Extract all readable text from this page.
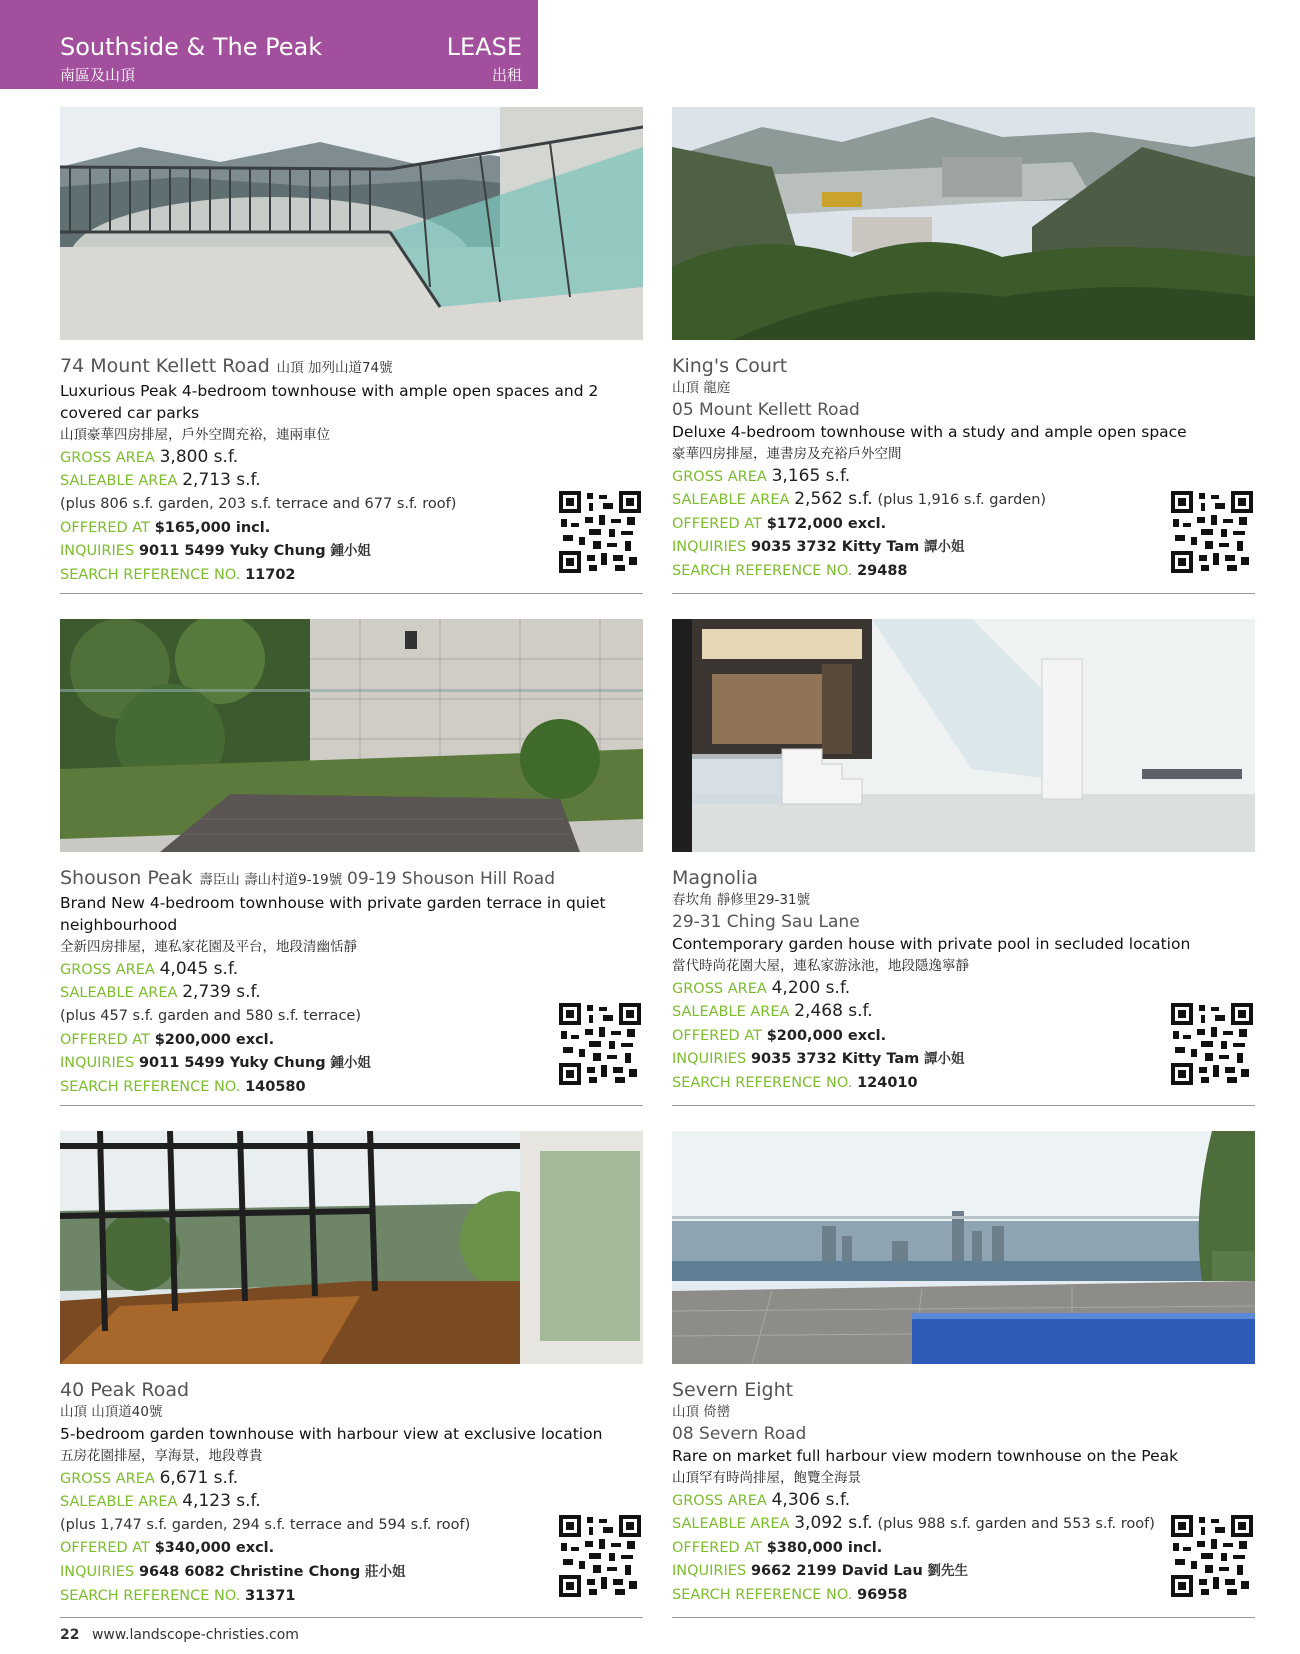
Southside & The Peak
南區及山頂
LEASE
出租
74 Mount Kellett Road 山頂 加列山道74號
Luxurious Peak 4-bedroom townhouse with ample open spaces and 2 covered car parks
山頂豪華四房排屋，戶外空間充裕，連兩車位
GROSS AREA 3,800 s.f.
SALEABLE AREA 2,713 s.f.
(plus 806 s.f. garden, 203 s.f. terrace and 677 s.f. roof)
OFFERED AT $165,000 incl.
INQUIRIES 9011 5499 Yuky Chung 鍾小姐
SEARCH REFERENCE NO. 11702
King's Court
山頂 龍庭
05 Mount Kellett Road
Deluxe 4-bedroom townhouse with a study and ample open space
豪華四房排屋，連書房及充裕戶外空間
GROSS AREA 3,165 s.f.
SALEABLE AREA 2,562 s.f. (plus 1,916 s.f. garden)
OFFERED AT $172,000 excl.
INQUIRIES 9035 3732 Kitty Tam 譚小姐
SEARCH REFERENCE NO. 29488
Shouson Peak 壽臣山 壽山村道9-19號 09-19 Shouson Hill Road
Brand New 4-bedroom townhouse with private garden terrace in quiet neighbourhood
全新四房排屋，連私家花園及平台，地段清幽恬靜
GROSS AREA 4,045 s.f.
SALEABLE AREA 2,739 s.f.
(plus 457 s.f. garden and 580 s.f. terrace)
OFFERED AT $200,000 excl.
INQUIRIES 9011 5499 Yuky Chung 鍾小姐
SEARCH REFERENCE NO. 140580
Magnolia
春坎角 靜修里29-31號
29-31 Ching Sau Lane
Contemporary garden house with private pool in secluded location
當代時尚花園大屋，連私家游泳池，地段隱逸寧靜
GROSS AREA 4,200 s.f.
SALEABLE AREA 2,468 s.f.
OFFERED AT $200,000 excl.
INQUIRIES 9035 3732 Kitty Tam 譚小姐
SEARCH REFERENCE NO. 124010
40 Peak Road
山頂 山頂道40號
5-bedroom garden townhouse with harbour view at exclusive location
五房花園排屋，享海景，地段尊貴
GROSS AREA 6,671 s.f.
SALEABLE AREA 4,123 s.f.
(plus 1,747 s.f. garden, 294 s.f. terrace and 594 s.f. roof)
OFFERED AT $340,000 excl.
INQUIRIES 9648 6082 Christine Chong 莊小姐
SEARCH REFERENCE NO. 31371
Severn Eight
山頂 倚巒
08 Severn Road
Rare on market full harbour view modern townhouse on the Peak
山頂罕有時尚排屋，飽覽全海景
GROSS AREA 4,306 s.f.
SALEABLE AREA 3,092 s.f. (plus 988 s.f. garden and 553 s.f. roof)
OFFERED AT $380,000 incl.
INQUIRIES 9662 2199 David Lau 劉先生
SEARCH REFERENCE NO. 96958
22 www.landscope-christies.com
